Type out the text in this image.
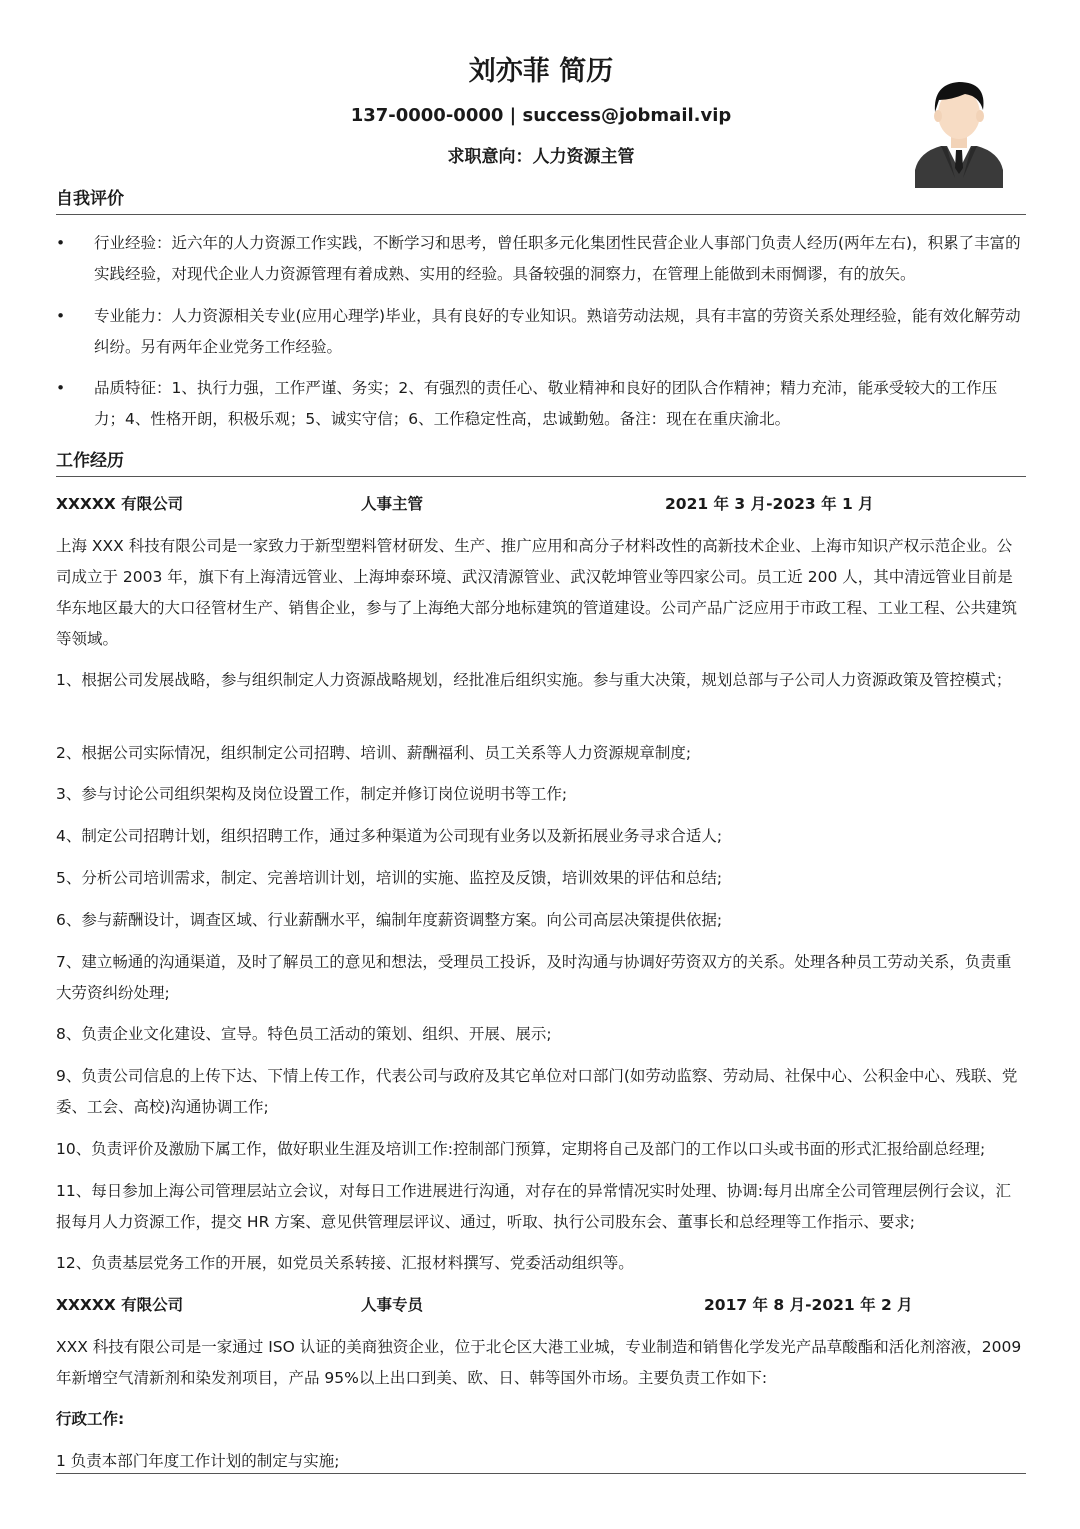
刘亦菲 简历
137-0000-0000 | success@jobmail.vip
求职意向：人力资源主管
自我评价
• 行业经验：近六年的人力资源工作实践，不断学习和思考，曾任职多元化集团性民营企业人事部门负责人经历(两年左右)，积累了丰富的实践经验，对现代企业人力资源管理有着成熟、实用的经验。具备较强的洞察力，在管理上能做到未雨惆谬，有的放矢。
• 专业能力：人力资源相关专业(应用心理学)毕业，具有良好的专业知识。熟谙劳动法规，具有丰富的劳资关系处理经验，能有效化解劳动纠纷。另有两年企业党务工作经验。
• 品质特征：1、执行力强，工作严谨、务实；2、有强烈的责任心、敬业精神和良好的团队合作精神；精力充沛，能承受较大的工作压力；4、性格开朗，积极乐观；5、诚实守信；6、工作稳定性高，忠诚勤勉。备注：现在在重庆渝北。
工作经历
XXXXX 有限公司	人事主管	2021 年 3 月-2023 年 1 月
上海 XXX 科技有限公司是一家致力于新型塑料管材研发、生产、推广应用和高分子材料改性的高新技术企业、上海市知识产权示范企业。公司成立于 2003 年，旗下有上海清远管业、上海坤泰环境、武汉清源管业、武汉乾坤管业等四家公司。员工近 200 人，其中清远管业目前是华东地区最大的大口径管材生产、销售企业，参与了上海绝大部分地标建筑的管道建设。公司产品广泛应用于市政工程、工业工程、公共建筑等领域。
1、根据公司发展战略，参与组织制定人力资源战略规划，经批准后组织实施。参与重大决策，规划总部与子公司人力资源政策及管控模式；
2、根据公司实际情况，组织制定公司招聘、培训、薪酬福利、员工关系等人力资源规章制度;
3、参与讨论公司组织架构及岗位设置工作，制定并修订岗位说明书等工作;
4、制定公司招聘计划，组织招聘工作，通过多种渠道为公司现有业务以及新拓展业务寻求合适人;
5、分析公司培训需求，制定、完善培训计划，培训的实施、监控及反馈，培训效果的评估和总结;
6、参与薪酬设计，调查区域、行业薪酬水平，编制年度薪资调整方案。向公司高层决策提供依据;
7、建立畅通的沟通渠道，及时了解员工的意见和想法，受理员工投诉，及时沟通与协调好劳资双方的关系。处理各种员工劳动关系，负责重大劳资纠纷处理;
8、负责企业文化建设、宣导。特色员工活动的策划、组织、开展、展示;
9、负责公司信息的上传下达、下情上传工作，代表公司与政府及其它单位对口部门(如劳动监察、劳动局、社保中心、公积金中心、残联、党委、工会、高校)沟通协调工作;
10、负责评价及激励下属工作，做好职业生涯及培训工作:控制部门预算，定期将自己及部门的工作以口头或书面的形式汇报给副总经理;
11、每日参加上海公司管理层站立会议，对每日工作进展进行沟通，对存在的异常情况实时处理、协调:每月出席全公司管理层例行会议，汇报每月人力资源工作，提交 HR 方案、意见供管理层评议、通过，听取、执行公司股东会、董事长和总经理等工作指示、要求;
12、负责基层党务工作的开展，如党员关系转接、汇报材料撰写、党委活动组织等。
XXXXX 有限公司	人事专员	2017 年 8 月-2021 年 2 月
XXX 科技有限公司是一家通过 ISO 认证的美商独资企业，位于北仑区大港工业城，专业制造和销售化学发光产品草酸酯和活化剂溶液，2009 年新增空气清新剂和染发剂项目，产品 95%以上出口到美、欧、日、韩等国外市场。主要负责工作如下:
行政工作:
1 负责本部门年度工作计划的制定与实施;
